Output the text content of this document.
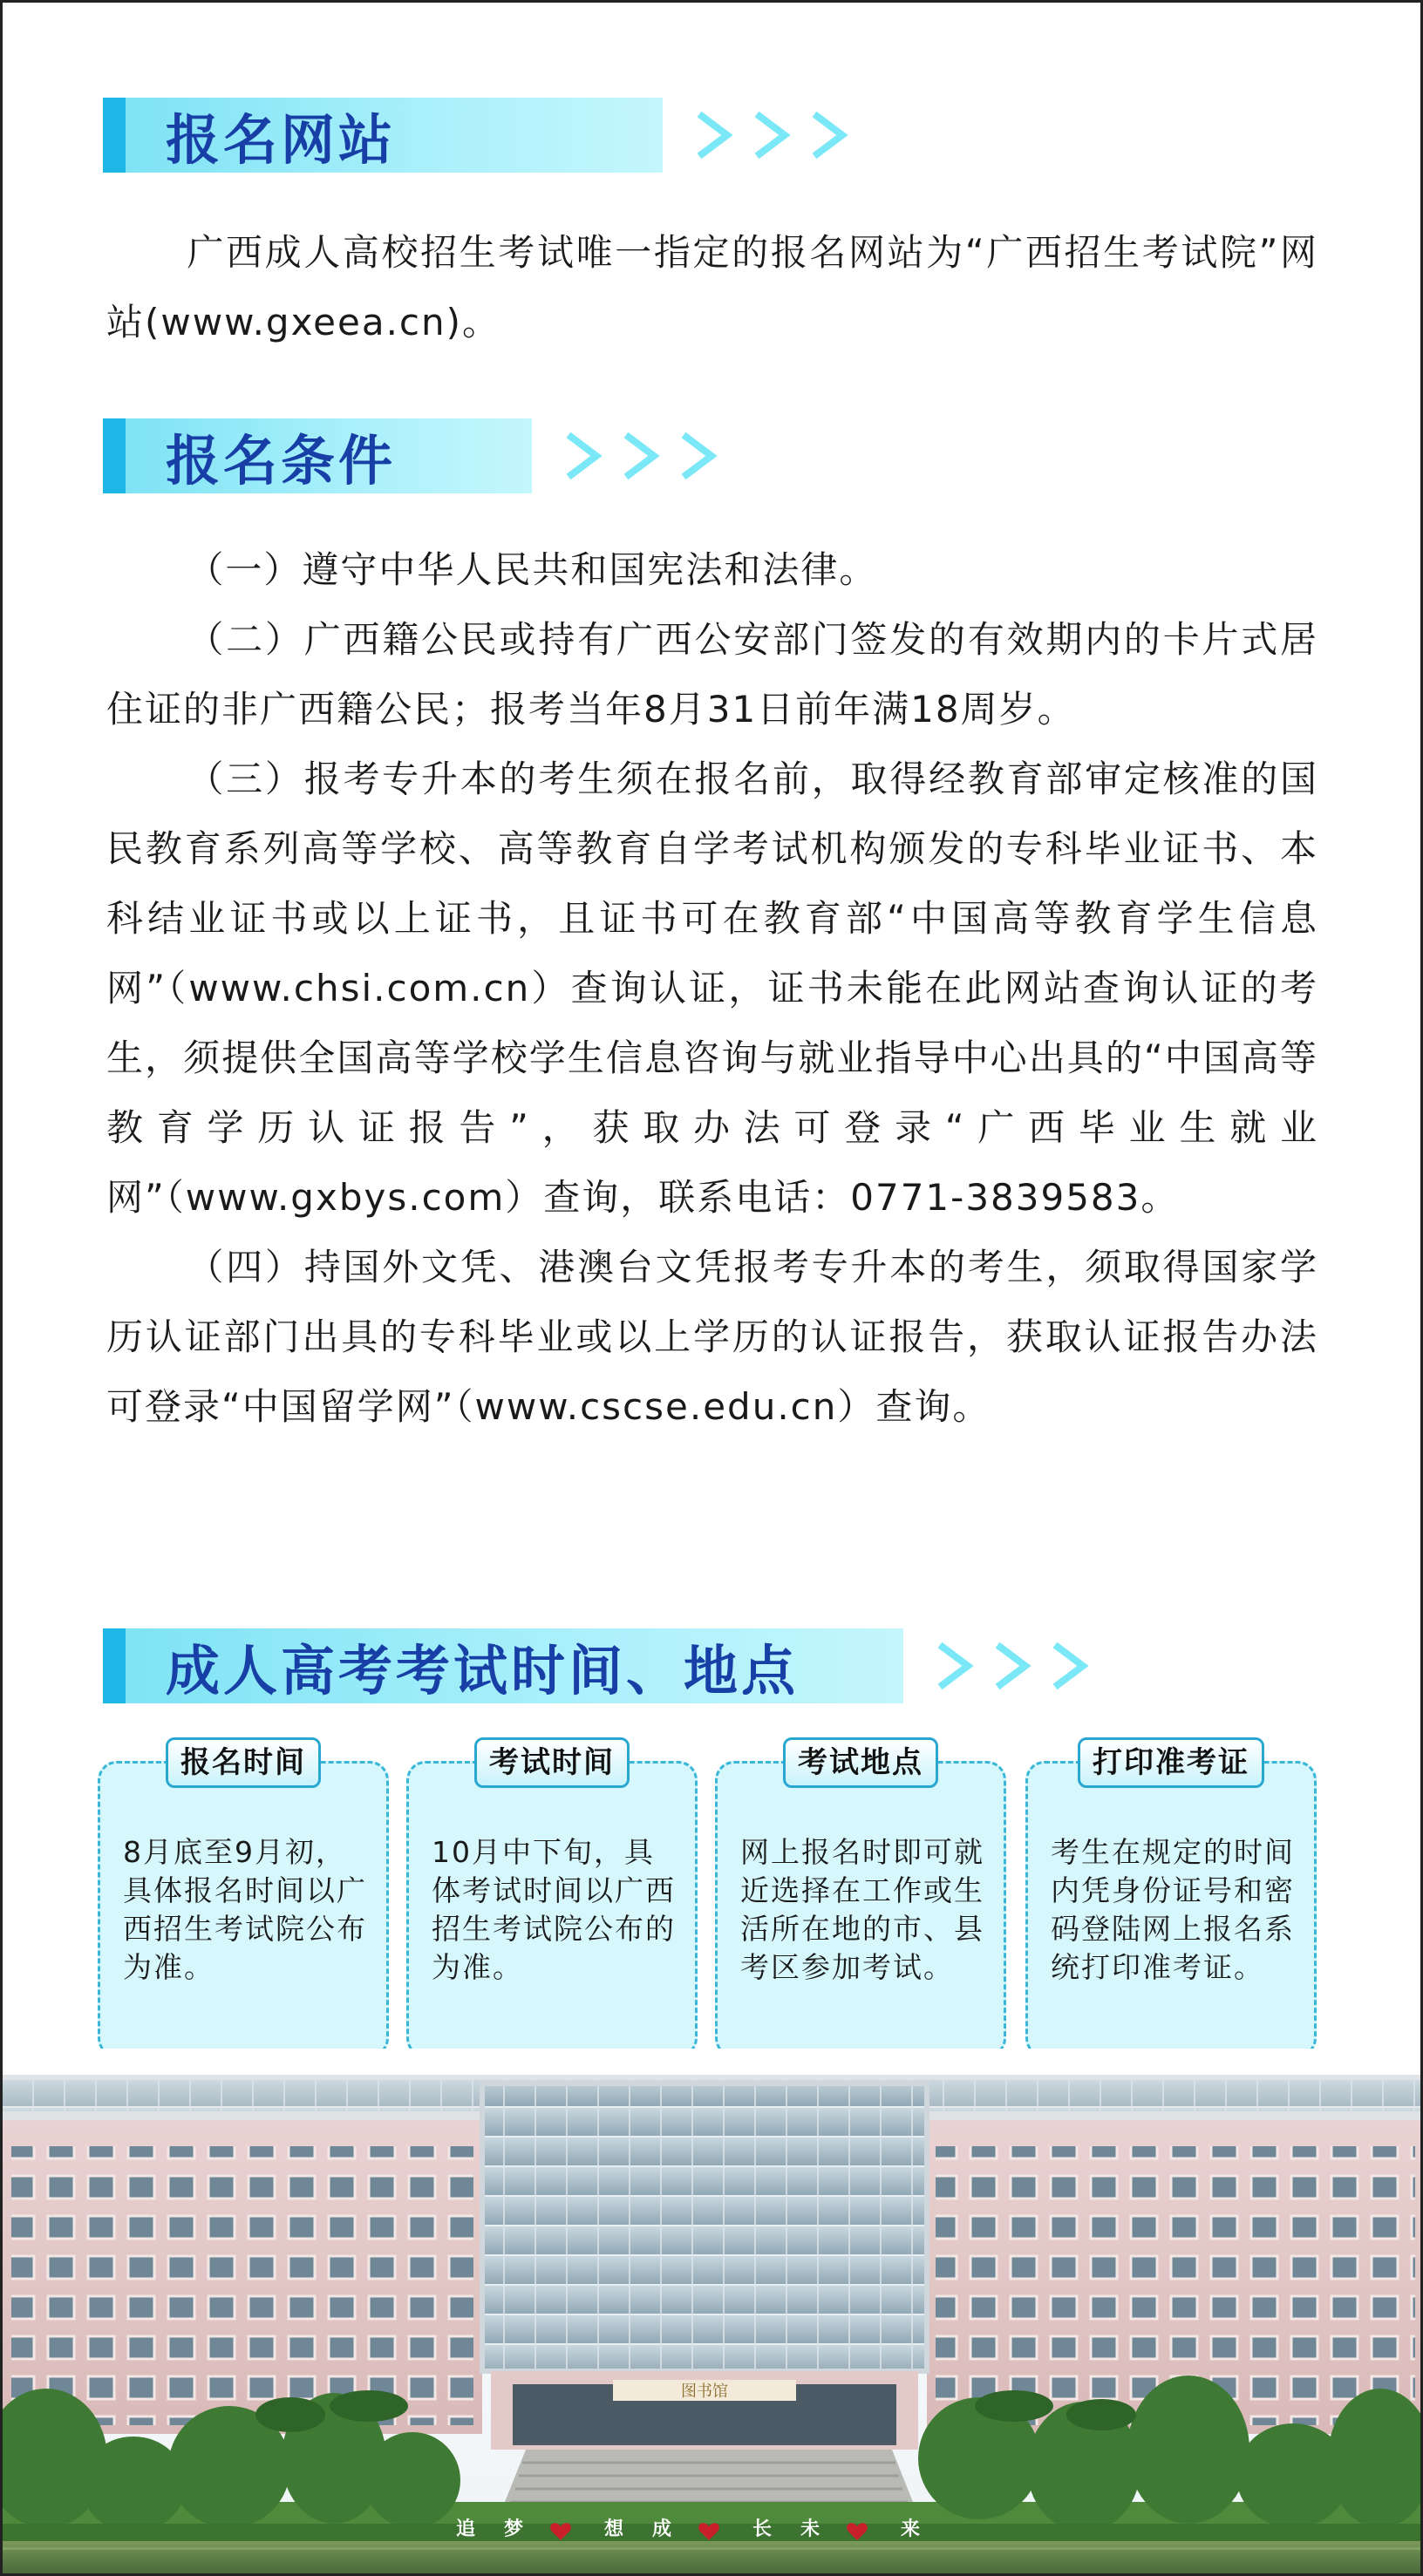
报名网站

广西成人高校招生考试唯一指定的报名网站为“广西招生考试院”网站(www.gxeea.cn)。

报名条件

（一）遵守中华人民共和国宪法和法律。

（二）广西籍公民或持有广西公安部门签发的有效期内的卡片式居住证的非广西籍公民；报考当年8月31日前年满18周岁。

（三）报考专升本的考生须在报名前，取得经教育部审定核准的国民教育系列高等学校、高等教育自学考试机构颁发的专科毕业证书、本科结业证书或以上证书，且证书可在教育部“中国高等教育学生信息网”（www.chsi.com.cn）查询认证，证书未能在此网站查询认证的考生，须提供全国高等学校学生信息咨询与就业指导中心出具的“中国高等教育学历认证报告”，获取办法可登录“广西毕业生就业网”（www.gxbys.com）查询，联系电话：0771-3839583。

（四）持国外文凭、港澳台文凭报考专升本的考生，须取得国家学历认证部门出具的专科毕业或以上学历的认证报告，获取认证报告办法可登录“中国留学网”（www.cscse.edu.cn）查询。

成人高考考试时间、地点
报名时间
8月底至9月初，具体报名时间以广西招生考试院公布为准。
考试时间
10月中下旬，具体考试时间以广西招生考试院公布的为准。
考试地点
网上报名时即可就近选择在工作或生活所在地的市、县考区参加考试。
打印准考证
考生在规定的时间内凭身份证号和密码登陆网上报名系统打印准考证。
图书馆
追 梦	想 成	长 未	来
